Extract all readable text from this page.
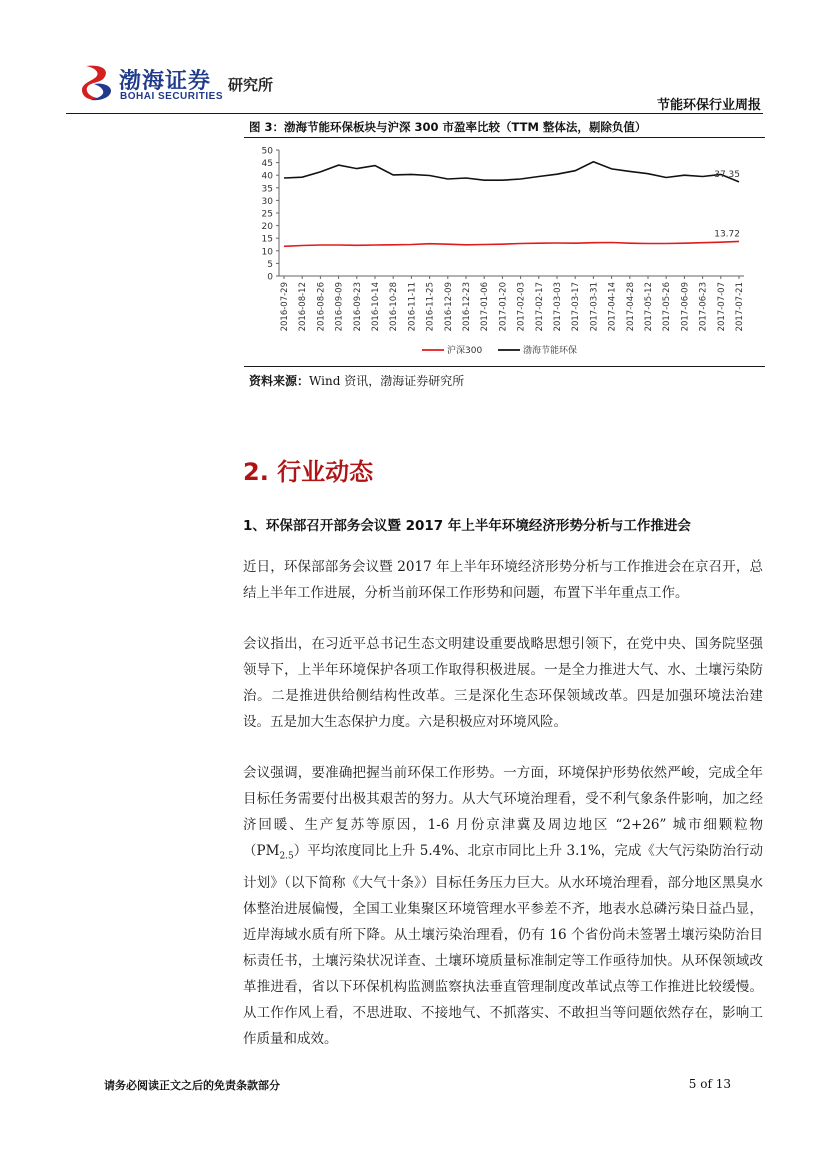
渤海证券
BOHAI SECURITIES
研究所
节能环保行业周报
图 3：渤海节能环保板块与沪深 300 市盈率比较（TTM 整体法，剔除负值）
0
5
10
15
20
25
30
35
40
45
50
2016-07-29 2016-08-12 2016-08-26 2016-09-09 2016-09-23 2016-10-14 2016-10-28 2016-11-11 2016-11-25 2016-12-09 2016-12-23 2017-01-06 2017-01-20 2017-02-03 2017-02-17 2017-03-03 2017-03-17 2017-03-31 2017-04-14 2017-04-28 2017-05-12 2017-05-26 2017-06-09 2017-06-23 2017-07-07 2017-07-21
13.72
37.35
沪深300	渤海节能环保
资料来源：Wind 资讯，渤海证券研究所
2. 行业动态
1、环保部召开部务会议暨 2017 年上半年环境经济形势分析与工作推进会
近日，环保部部务会议暨 2017 年上半年环境经济形势分析与工作推进会在京召开，总结上半年工作进展，分析当前环保工作形势和问题，布置下半年重点工作。
会议指出，在习近平总书记生态文明建设重要战略思想引领下，在党中央、国务院坚强领导下，上半年环境保护各项工作取得积极进展。一是全力推进大气、水、土壤污染防治。二是推进供给侧结构性改革。三是深化生态环保领域改革。四是加强环境法治建设。五是加大生态保护力度。六是积极应对环境风险。
会议强调，要准确把握当前环保工作形势。一方面，环境保护形势依然严峻，完成全年目标任务需要付出极其艰苦的努力。从大气环境治理看，受不利气象条件影响，加之经济回暖、生产复苏等原因，1-6 月份京津冀及周边地区 “2+26” 城市细颗粒物$(PM_{2.5})$平均浓度同比上升 5.4%、北京市同比上升 3.1%，完成《大气污染防治行动计划》（以下简称《大气十条》）目标任务压力巨大。从水环境治理看，部分地区黑臭水体整治进展偏慢，全国工业集聚区环境管理水平参差不齐，地表水总磷污染日益凸显，近岸海域水质有所下降。从土壤污染治理看，仍有 16 个省份尚未签署土壤污染防治目标责任书，土壤污染状况详查、土壤环境质量标准制定等工作亟待加快。从环保领域改革推进看，省以下环保机构监测监察执法垂直管理制度改革试点等工作推进比较缓慢。从工作作风上看，不思进取、不接地气、不抓落实、不敢担当等问题依然存在，影响工作质量和成效。
请务必阅读正文之后的免责条款部分	5 of 13
